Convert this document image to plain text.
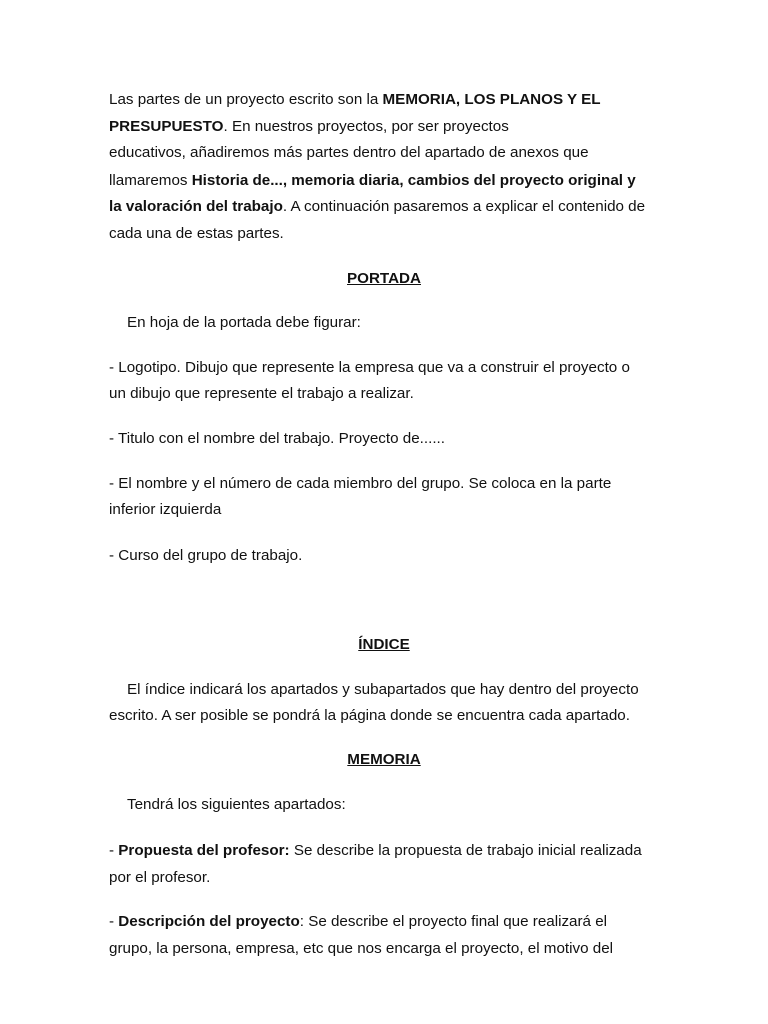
Las partes de un proyecto escrito son la MEMORIA, LOS PLANOS Y EL
PRESUPUESTO. En nuestros proyectos, por ser proyectos
educativos, añadiremos más partes dentro del apartado de anexos que
llamaremos Historia de..., memoria diaria, cambios del proyecto original y
la valoración del trabajo. A continuación pasaremos a explicar el contenido de
cada una de estas partes.
PORTADA
En hoja de la portada debe figurar:
- Logotipo. Dibujo que represente la empresa que va a construir el proyecto o
un dibujo que represente el trabajo a realizar.
- Titulo con el nombre del trabajo. Proyecto de......
- El nombre y el número de cada miembro del grupo. Se coloca en la parte
inferior izquierda
- Curso del grupo de trabajo.
ÍNDICE
El índice indicará los apartados y subapartados que hay dentro del proyecto
escrito. A ser posible se pondrá la página donde se encuentra cada apartado.
MEMORIA
Tendrá los siguientes apartados:
- Propuesta del profesor: Se describe la propuesta de trabajo inicial realizada
por el profesor.
- Descripción del proyecto: Se describe el proyecto final que realizará el
grupo, la persona, empresa, etc que nos encarga el proyecto, el motivo del
